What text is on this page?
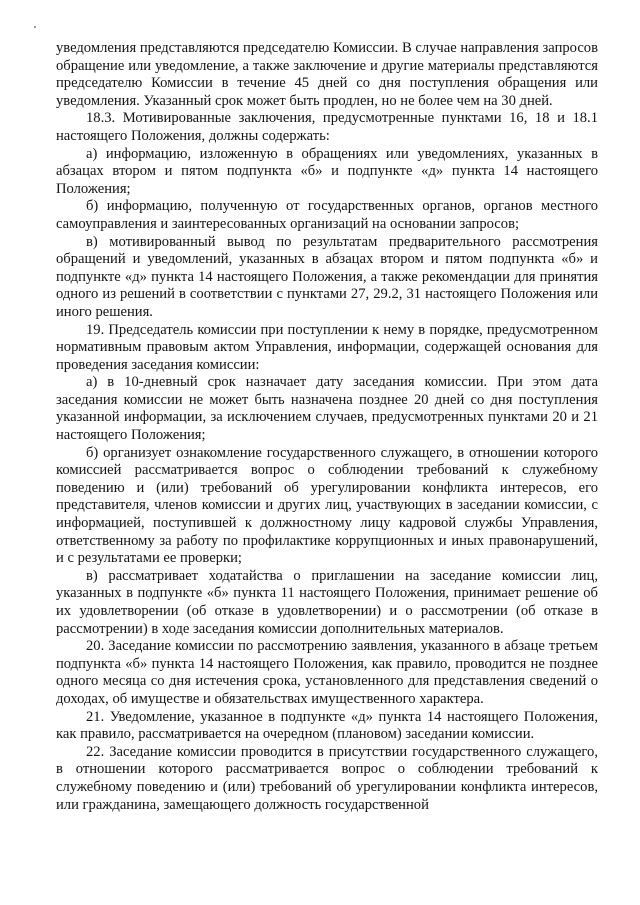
уведомления представляются председателю Комиссии. В случае направления запросов обращение или уведомление, а также заключение и другие материалы представляются председателю Комиссии в течение 45 дней со дня поступления обращения или уведомления. Указанный срок может быть продлен, но не более чем на 30 дней.

18.3. Мотивированные заключения, предусмотренные пунктами 16, 18 и 18.1 настоящего Положения, должны содержать:

а) информацию, изложенную в обращениях или уведомлениях, указанных в абзацах втором и пятом подпункта «б» и подпункте «д» пункта 14 настоящего Положения;

б) информацию, полученную от государственных органов, органов местного самоуправления и заинтересованных организаций на основании запросов;

в) мотивированный вывод по результатам предварительного рассмотрения обращений и уведомлений, указанных в абзацах втором и пятом подпункта «б» и подпункте «д» пункта 14 настоящего Положения, а также рекомендации для принятия одного из решений в соответствии с пунктами 27, 29.2, 31 настоящего Положения или иного решения.

19. Председатель комиссии при поступлении к нему в порядке, предусмотренном нормативным правовым актом Управления, информации, содержащей основания для проведения заседания комиссии:

а) в 10-дневный срок назначает дату заседания комиссии. При этом дата заседания комиссии не может быть назначена позднее 20 дней со дня поступления указанной информации, за исключением случаев, предусмотренных пунктами 20 и 21 настоящего Положения;

б) организует ознакомление государственного служащего, в отношении которого комиссией рассматривается вопрос о соблюдении требований к служебному поведению и (или) требований об урегулировании конфликта интересов, его представителя, членов комиссии и других лиц, участвующих в заседании комиссии, с информацией, поступившей к должностному лицу кадровой службы Управления, ответственному за работу по профилактике коррупционных и иных правонарушений, и с результатами ее проверки;

в) рассматривает ходатайства о приглашении на заседание комиссии лиц, указанных в подпункте «б» пункта 11 настоящего Положения, принимает решение об их удовлетворении (об отказе в удовлетворении) и о рассмотрении (об отказе в рассмотрении) в ходе заседания комиссии дополнительных материалов.

20. Заседание комиссии по рассмотрению заявления, указанного в абзаце третьем подпункта «б» пункта 14 настоящего Положения, как правило, проводится не позднее одного месяца со дня истечения срока, установленного для представления сведений о доходах, об имуществе и обязательствах имущественного характера.

21. Уведомление, указанное в подпункте «д» пункта 14 настоящего Положения, как правило, рассматривается на очередном (плановом) заседании комиссии.

22. Заседание комиссии проводится в присутствии государственного служащего, в отношении которого рассматривается вопрос о соблюдении требований к служебному поведению и (или) требований об урегулировании конфликта интересов, или гражданина, замещающего должность государственной
